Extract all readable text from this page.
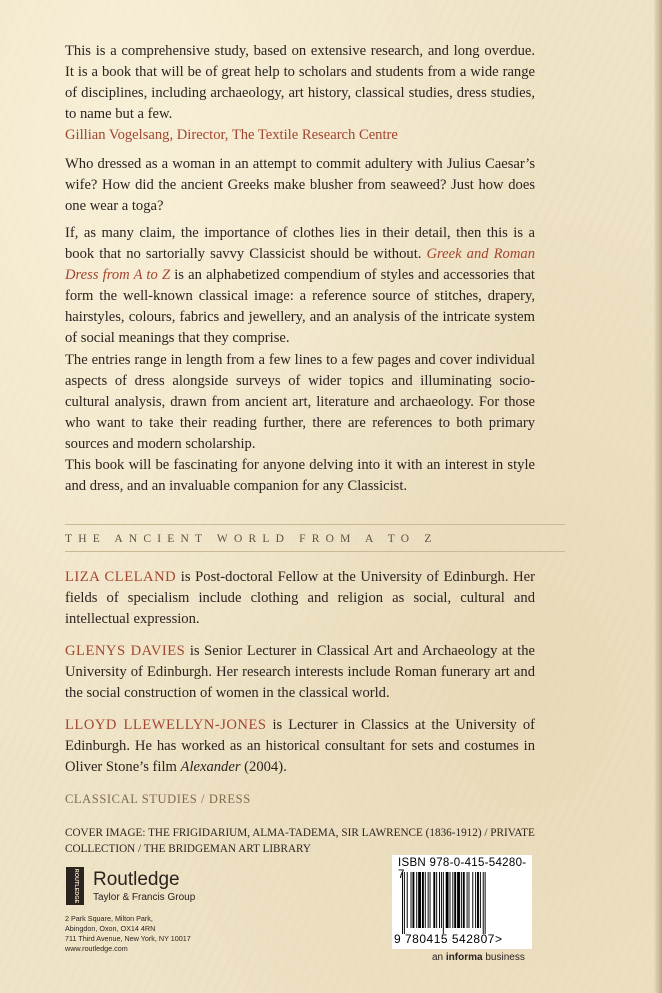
This is a comprehensive study, based on extensive research, and long overdue. It is a book that will be of great help to scholars and students from a wide range of disciplines, including archaeology, art history, classical studies, dress studies, to name but a few.

Gillian Vogelsang, Director, The Textile Research Centre

Who dressed as a woman in an attempt to commit adultery with Julius Caesar’s wife? How did the ancient Greeks make blusher from seaweed? Just how does one wear a toga?

If, as many claim, the importance of clothes lies in their detail, then this is a book that no sartorially savvy Classicist should be without. Greek and Roman Dress from A to Z is an alphabetized compendium of styles and accessories that form the well-known classical image: a reference source of stitches, drapery, hairstyles, colours, fabrics and jewellery, and an analysis of the intricate system of social meanings that they comprise.

The entries range in length from a few lines to a few pages and cover individual aspects of dress alongside surveys of wider topics and illuminating socio-cultural analysis, drawn from ancient art, literature and archaeology. For those who want to take their reading further, there are references to both primary sources and modern scholarship.

This book will be fascinating for anyone delving into it with an interest in style and dress, and an invaluable companion for any Classicist.

THE ANCIENT WORLD FROM A TO Z
LIZA CLELAND is Post-doctoral Fellow at the University of Edinburgh. Her fields of specialism include clothing and religion as social, cultural and intellectual expression.
GLENYS DAVIES is Senior Lecturer in Classical Art and Archaeology at the University of Edinburgh. Her research interests include Roman funerary art and the social construction of women in the classical world.
LLOYD LLEWELLYN-JONES is Lecturer in Classics at the University of Edinburgh. He has worked as an historical consultant for sets and costumes in Oliver Stone’s film Alexander (2004).
CLASSICAL STUDIES / DRESS
COVER IMAGE: THE FRIGIDARIUM, ALMA-TADEMA, SIR LAWRENCE (1836-1912) / PRIVATE COLLECTION / THE BRIDGEMAN ART LIBRARY
ROUTLEDGE Routledge
Taylor & Francis Group
2 Park Square, Milton Park,
Abingdon, Oxon, OX14 4RN
711 Third Avenue, New York, NY 10017
www.routledge.com
ISBN 978-0-415-54280-7
9 780415 542807>
an informa business
